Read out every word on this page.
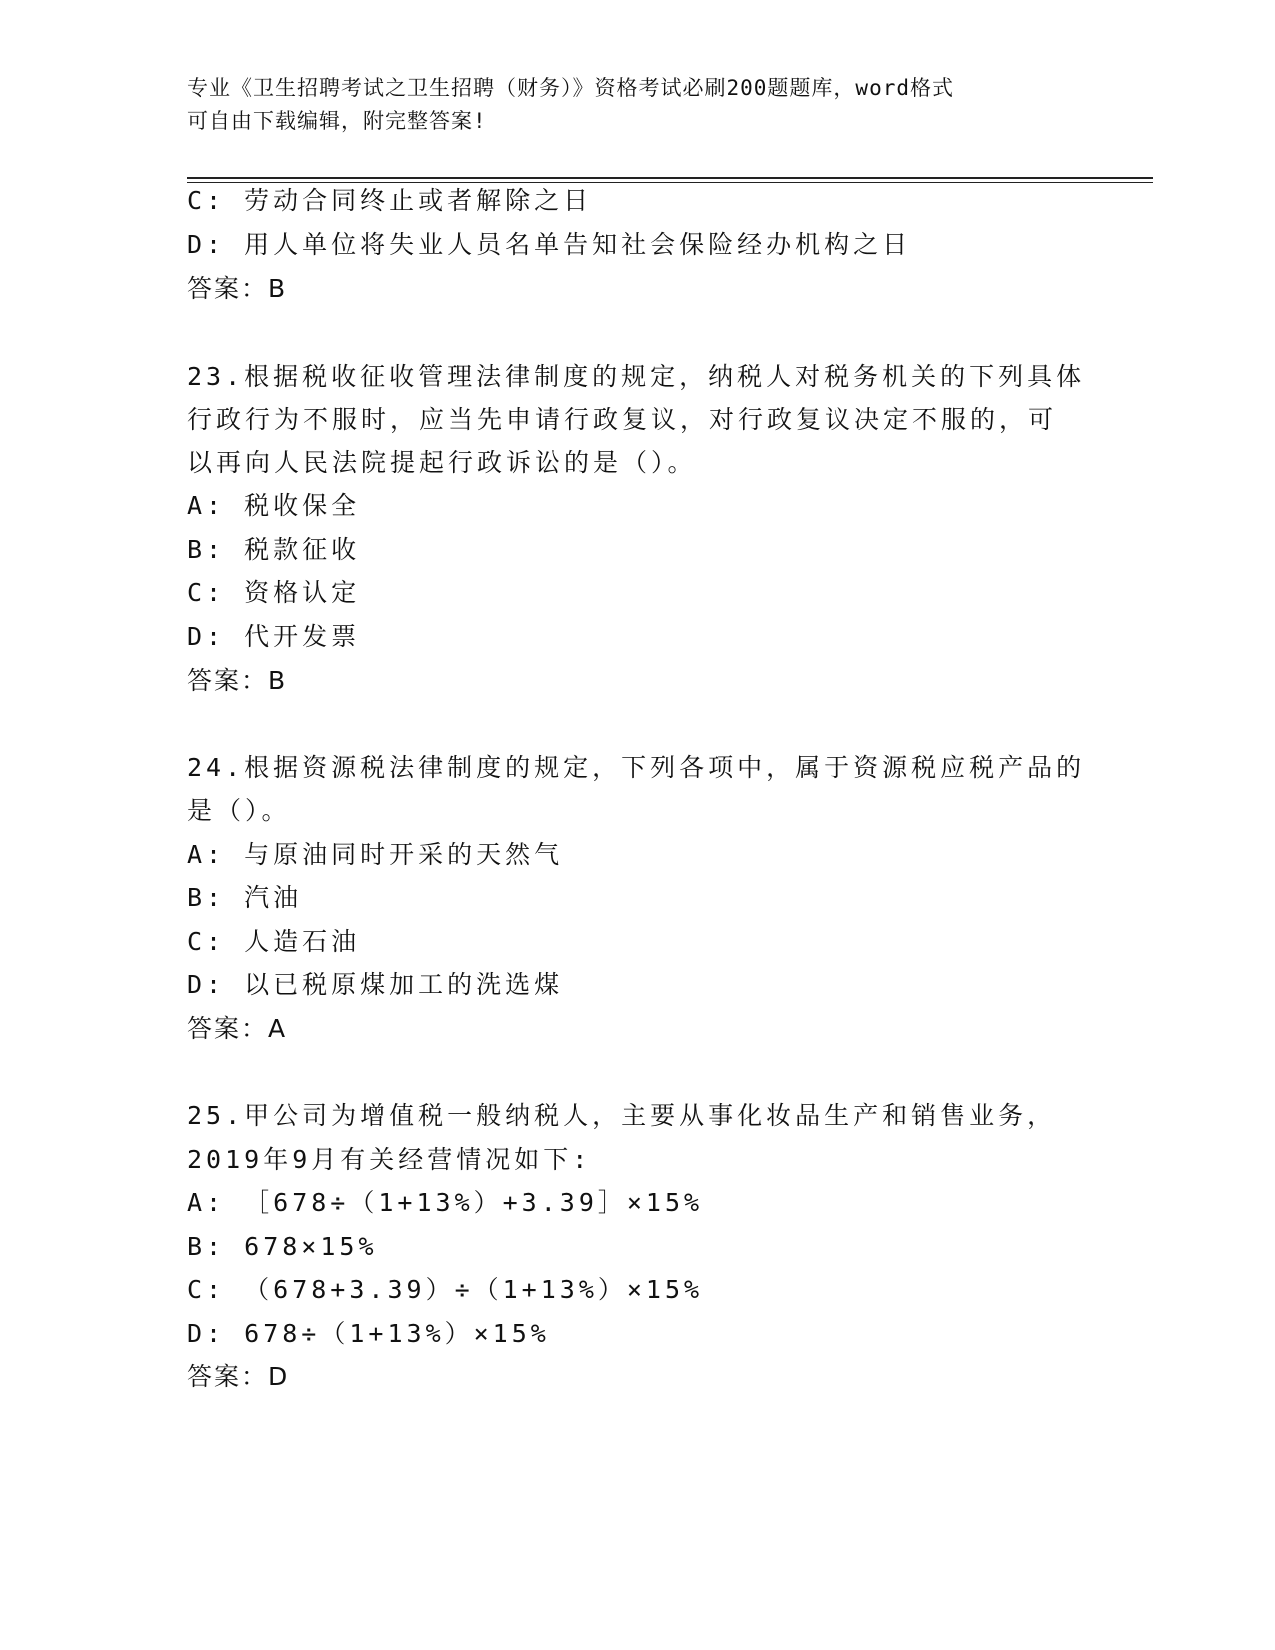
专业《卫生招聘考试之卫生招聘（财务）》资格考试必刷200题题库，word格式
可自由下载编辑，附完整答案!
C: 劳动合同终止或者解除之日
D: 用人单位将失业人员名单告知社会保险经办机构之日
答案：B
23.根据税收征收管理法律制度的规定，纳税人对税务机关的下列具体
行政行为不服时，应当先申请行政复议，对行政复议决定不服的，可
以再向人民法院提起行政诉讼的是（）。
A: 税收保全
B: 税款征收
C: 资格认定
D: 代开发票
答案：B
24.根据资源税法律制度的规定，下列各项中，属于资源税应税产品的
是（）。
A: 与原油同时开采的天然气
B: 汽油
C: 人造石油
D: 以已税原煤加工的洗选煤
答案：A
25.甲公司为增值税一般纳税人，主要从事化妆品生产和销售业务，
2019年9月有关经营情况如下:
A: ［678÷（1+13%）+3.39］×15%
B: 678×15%
C: （678+3.39）÷（1+13%）×15%
D: 678÷（1+13%）×15%
答案：D
